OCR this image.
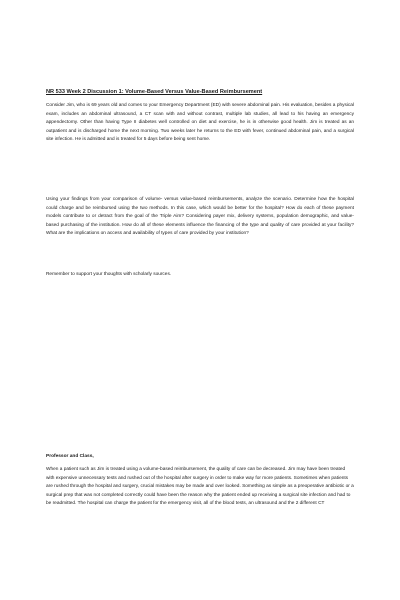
NR 533 Week 2 Discussion 1: Volume-Based Versus Value-Based Reimbursement

Consider Jim, who is 69 years old and comes to your Emergency Department (ED) with severe abdominal pain. His evaluation, besides a physical exam, includes an abdominal ultrasound, a CT scan with and without contrast, multiple lab studies, all lead to his having an emergency appendectomy. Other than having Type II diabetes well controlled on diet and exercise, he is in otherwise good health. Jim is treated as an outpatient and is discharged home the next morning. Two weeks later he returns to the ED with fever, continued abdominal pain, and a surgical site infection. He is admitted and is treated for 5 days before being sent home.

Using your findings from your comparison of volume- versus value-based reimbursements, analyze the scenario. Determine how the hospital could charge and be reimbursed using the two methods. In this case, which would be better for the hospital? How do each of these payment models contribute to or detract from the goal of the Triple Aim? Considering payer mix, delivery systems, population demographic, and value-based purchasing of the institution. How do all of these elements influence the financing of the type and quality of care provided at your facility? What are the implications on access and availability of types of care provided by your institution?

Remember to support your thoughts with scholarly sources.

Professor and Class,

When a patient such as Jim is treated using a volume-based reimbursement, the quality of care can be decreased. Jim may have been treated with expensive unnecessary tests and rushed out of the hospital after surgery in order to make way for more patients. Sometimes when patients are rushed through the hospital and surgery, crucial mistakes may be made and over looked. Something as simple as a preoperative antibiotic or a surgical prep that was not completed correctly could have been the reason why the patient ended up receiving a surgical site infection and had to be readmitted. The hospital can charge the patient for the emergency visit, all of the blood tests, an ultrasound and the 2 different CT
